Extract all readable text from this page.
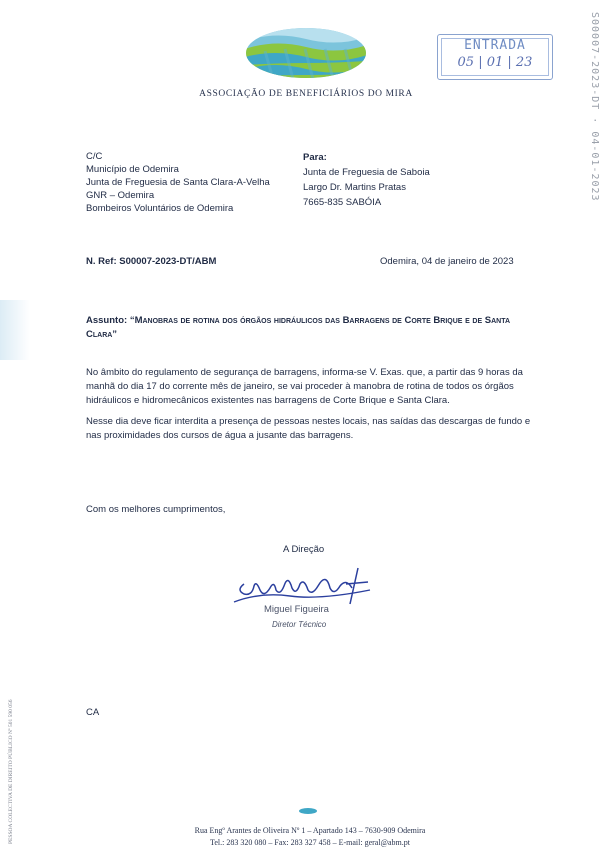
ASSOCIAÇÃO DE BENEFICIÁRIOS DO MIRA
ENTRADA
05 | 01 | 23	S00007-2023-DT · 04-01-2023
PESSOA COLECTIVA DE DIREITO PÚBLICO Nº 501 590 056
C/C
Município de Odemira
Junta de Freguesia de Santa Clara-A-Velha
GNR – Odemira
Bombeiros Voluntários de Odemira
Para:
Junta de Freguesia de Saboia
Largo Dr. Martins Pratas
7665-835 SABÓIA
N. Ref: S00007-2023-DT/ABM	Odemira, 04 de janeiro de 2023
Assunto: “Manobras de rotina dos órgãos hidráulicos das Barragens de Corte Brique e de Santa Clara”

No âmbito do regulamento de segurança de barragens, informa-se V. Exas. que, a partir das 9 horas da manhã do dia 17 do corrente mês de janeiro, se vai proceder à manobra de rotina de todos os órgãos hidráulicos e hidromecânicos existentes nas barragens de Corte Brique e Santa Clara.

Nesse dia deve ficar interdita a presença de pessoas nestes locais, nas saídas das descargas de fundo e nas proximidades dos cursos de água a jusante das barragens.

Com os melhores cumprimentos,
A Direção
Miguel Figueira
Diretor Técnico
CA
Rua Engº Arantes de Oliveira Nº 1 – Apartado 143 – 7630-909 Odemira
Tel.: 283 320 080 – Fax: 283 327 458 – E-mail: geral@abm.pt
